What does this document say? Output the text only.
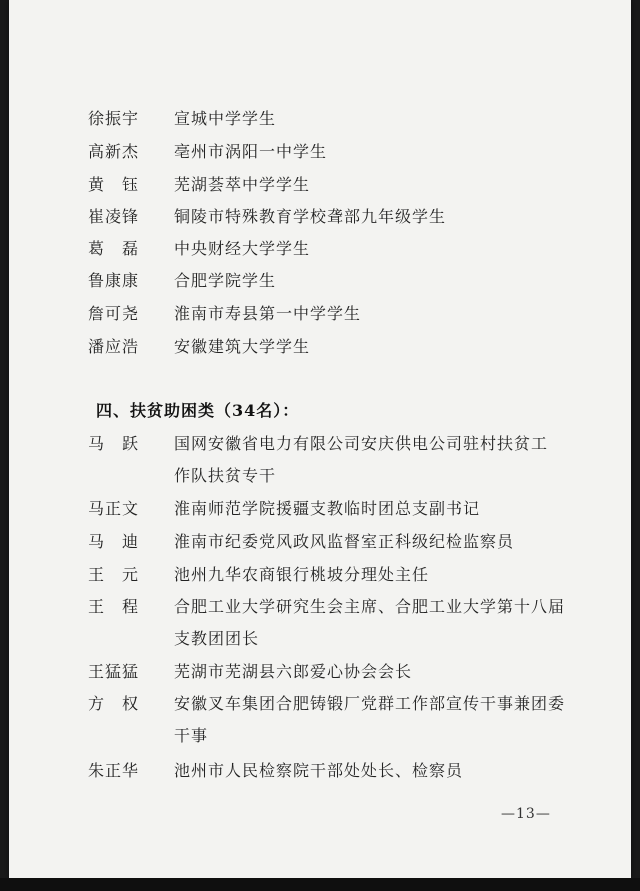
徐振宇	宣城中学学生
高新杰	亳州市涡阳一中学生
黄　钰	芜湖荟萃中学学生
崔凌锋	铜陵市特殊教育学校聋部九年级学生
葛　磊	中央财经大学学生
鲁康康	合肥学院学生
詹可尧	淮南市寿县第一中学学生
潘应浩	安徽建筑大学学生
四、扶贫助困类（34名）：
马　跃	国网安徽省电力有限公司安庆供电公司驻村扶贫工作队扶贫专干
马正文	淮南师范学院援疆支教临时团总支副书记
马　迪	淮南市纪委党风政风监督室正科级纪检监察员
王　元	池州九华农商银行桃坡分理处主任
王　程	合肥工业大学研究生会主席、合肥工业大学第十八届支教团团长
王猛猛	芜湖市芜湖县六郎爱心协会会长
方　权	安徽叉车集团合肥铸锻厂党群工作部宣传干事兼团委干事
朱正华	池州市人民检察院干部处处长、检察员
—13—
